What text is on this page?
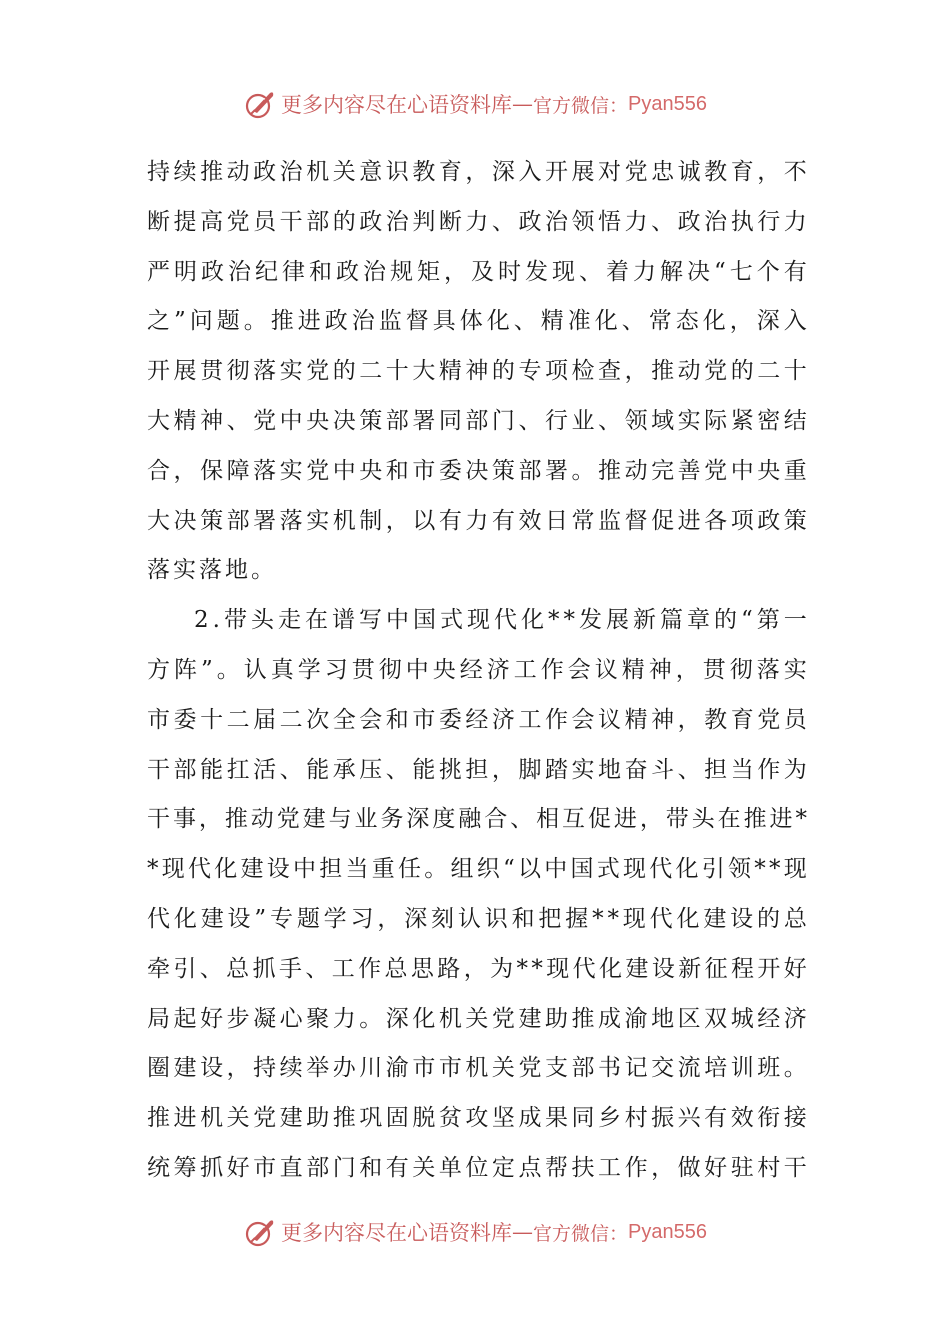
更多内容尽在心语资料库 — 官方微信： Pyan556
持 续 推 动 政 治 机 关 意 识 教 育 ， 深 入 开 展 对 党 忠 诚 教 育 ， 不
断 提 高 党 员 干 部 的 政 治 判 断 力 、 政 治 领 悟 力 、 政 治 执 行 力
严 明 政 治 纪 律 和 政 治 规 矩 ， 及 时 发 现 、 着 力 解 决 “ 七 个 有
之 ” 问 题 。 推 进 政 治 监 督 具 体 化 、 精 准 化 、 常 态 化 ， 深 入
开 展 贯 彻 落 实 党 的 二 十 大 精 神 的 专 项 检 查 ， 推 动 党 的 二 十
大 精 神 、 党 中 央 决 策 部 署 同 部 门 、 行 业 、 领 域 实 际 紧 密 结
合 ， 保 障 落 实 党 中 央 和 市 委 决 策 部 署 。 推 动 完 善 党 中 央 重
大 决 策 部 署 落 实 机 制 ， 以 有 力 有 效 日 常 监 督 促 进 各 项 政 策
落 实 落 地 。
2 . 带 头 走 在 谱 写 中 国 式 现 代 化 * * 发 展 新 篇 章 的 “ 第 一
方 阵 ” 。 认 真 学 习 贯 彻 中 央 经 济 工 作 会 议 精 神 ， 贯 彻 落 实
市 委 十 二 届 二 次 全 会 和 市 委 经 济 工 作 会 议 精 神 ， 教 育 党 员
干 部 能 扛 活 、 能 承 压 、 能 挑 担 ， 脚 踏 实 地 奋 斗 、 担 当 作 为
干 事 ， 推 动 党 建 与 业 务 深 度 融 合 、 相 互 促 进 ， 带 头 在 推 进 *
* 现 代 化 建 设 中 担 当 重 任 。 组 织 “ 以 中 国 式 现 代 化 引 领 * * 现
代 化 建 设 ” 专 题 学 习 ， 深 刻 认 识 和 把 握 * * 现 代 化 建 设 的 总
牵 引 、 总 抓 手 、 工 作 总 思 路 ， 为 * * 现 代 化 建 设 新 征 程 开 好
局 起 好 步 凝 心 聚 力 。 深 化 机 关 党 建 助 推 成 渝 地 区 双 城 经 济
圈 建 设 ， 持 续 举 办 川 渝 市 市 机 关 党 支 部 书 记 交 流 培 训 班 。
推 进 机 关 党 建 助 推 巩 固 脱 贫 攻 坚 成 果 同 乡 村 振 兴 有 效 衔 接
统 筹 抓 好 市 直 部 门 和 有 关 单 位 定 点 帮 扶 工 作 ， 做 好 驻 村 干
更多内容尽在心语资料库 — 官方微信： Pyan556
